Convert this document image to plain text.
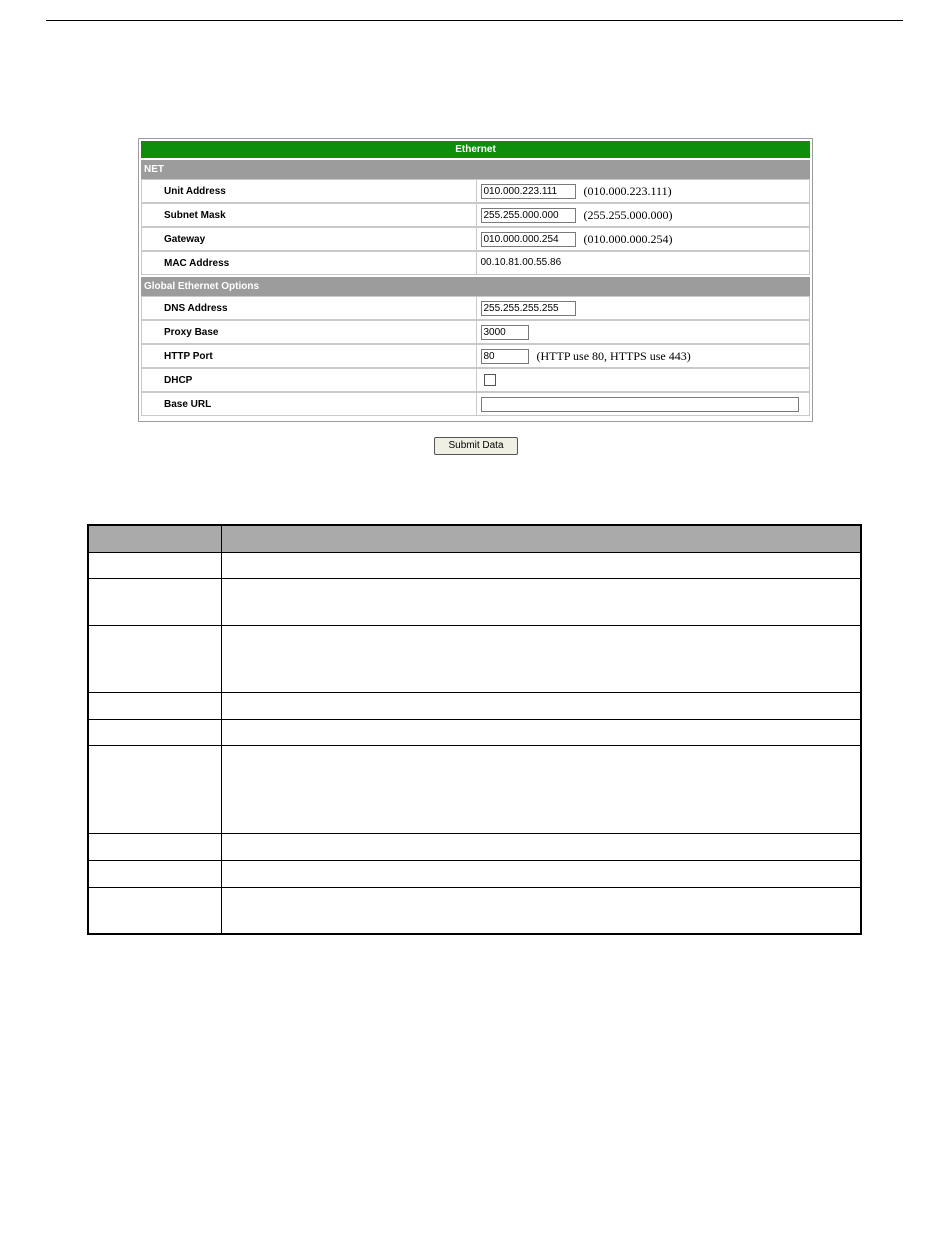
Ethernet	
NET	
Unit Address	010.000.223.111 (010.000.223.111)
Subnet Mask	255.255.000.000 (255.255.000.000)
Gateway	010.000.000.254 (010.000.000.254)
MAC Address	00.10.81.00.55.86
Global Ethernet Options	
DNS Address	255.255.255.255
Proxy Base	3000
HTTP Port	80 (HTTP use 80, HTTPS use 443)
DHCP	
Base URL	
Submit Data
